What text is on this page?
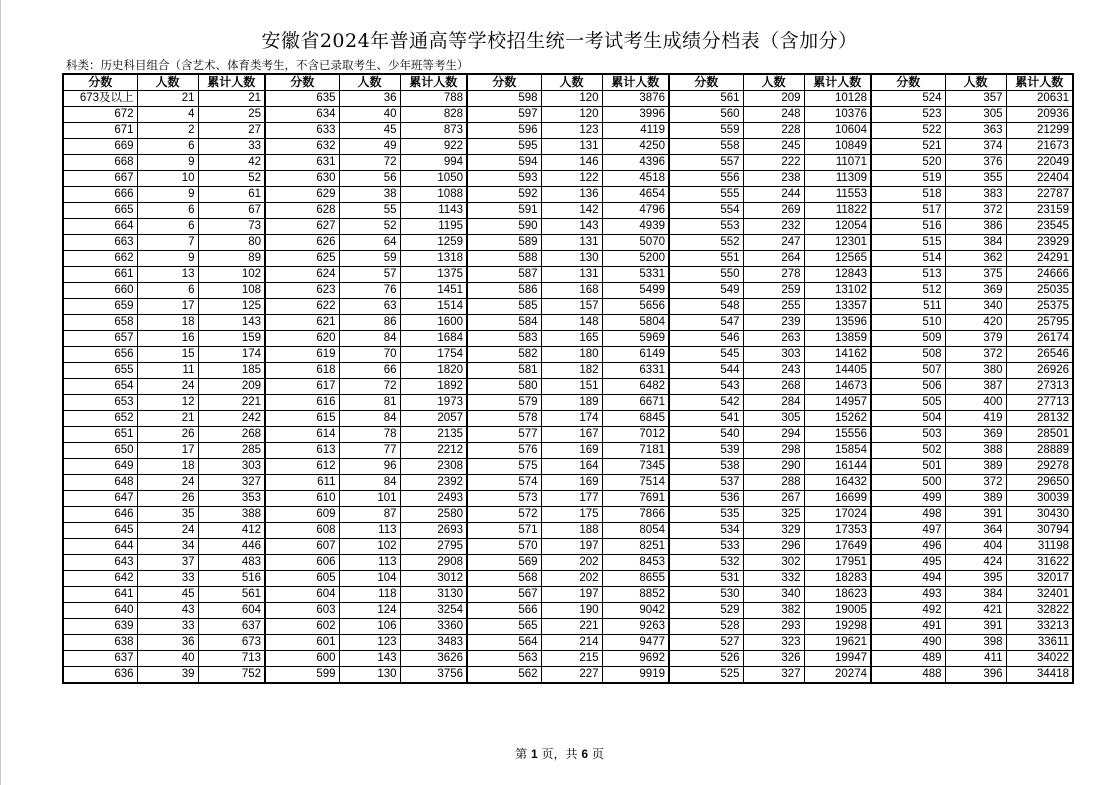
安徽省2024年普通高等学校招生统一考试考生成绩分档表（含加分）
科类：历史科目组合（含艺术、体育类考生，不含已录取考生、少年班等考生）
分数	人数	累计人数	分数	人数	累计人数	分数	人数	累计人数	分数	人数	累计人数	分数	人数	累计人数
673及以上	21	21	635	36	788	598	120	3876	561	209	10128	524	357	20631
672	4	25	634	40	828	597	120	3996	560	248	10376	523	305	20936
671	2	27	633	45	873	596	123	4119	559	228	10604	522	363	21299
669	6	33	632	49	922	595	131	4250	558	245	10849	521	374	21673
668	9	42	631	72	994	594	146	4396	557	222	11071	520	376	22049
667	10	52	630	56	1050	593	122	4518	556	238	11309	519	355	22404
666	9	61	629	38	1088	592	136	4654	555	244	11553	518	383	22787
665	6	67	628	55	1143	591	142	4796	554	269	11822	517	372	23159
664	6	73	627	52	1195	590	143	4939	553	232	12054	516	386	23545
663	7	80	626	64	1259	589	131	5070	552	247	12301	515	384	23929
662	9	89	625	59	1318	588	130	5200	551	264	12565	514	362	24291
661	13	102	624	57	1375	587	131	5331	550	278	12843	513	375	24666
660	6	108	623	76	1451	586	168	5499	549	259	13102	512	369	25035
659	17	125	622	63	1514	585	157	5656	548	255	13357	511	340	25375
658	18	143	621	86	1600	584	148	5804	547	239	13596	510	420	25795
657	16	159	620	84	1684	583	165	5969	546	263	13859	509	379	26174
656	15	174	619	70	1754	582	180	6149	545	303	14162	508	372	26546
655	11	185	618	66	1820	581	182	6331	544	243	14405	507	380	26926
654	24	209	617	72	1892	580	151	6482	543	268	14673	506	387	27313
653	12	221	616	81	1973	579	189	6671	542	284	14957	505	400	27713
652	21	242	615	84	2057	578	174	6845	541	305	15262	504	419	28132
651	26	268	614	78	2135	577	167	7012	540	294	15556	503	369	28501
650	17	285	613	77	2212	576	169	7181	539	298	15854	502	388	28889
649	18	303	612	96	2308	575	164	7345	538	290	16144	501	389	29278
648	24	327	611	84	2392	574	169	7514	537	288	16432	500	372	29650
647	26	353	610	101	2493	573	177	7691	536	267	16699	499	389	30039
646	35	388	609	87	2580	572	175	7866	535	325	17024	498	391	30430
645	24	412	608	113	2693	571	188	8054	534	329	17353	497	364	30794
644	34	446	607	102	2795	570	197	8251	533	296	17649	496	404	31198
643	37	483	606	113	2908	569	202	8453	532	302	17951	495	424	31622
642	33	516	605	104	3012	568	202	8655	531	332	18283	494	395	32017
641	45	561	604	118	3130	567	197	8852	530	340	18623	493	384	32401
640	43	604	603	124	3254	566	190	9042	529	382	19005	492	421	32822
639	33	637	602	106	3360	565	221	9263	528	293	19298	491	391	33213
638	36	673	601	123	3483	564	214	9477	527	323	19621	490	398	33611
637	40	713	600	143	3626	563	215	9692	526	326	19947	489	411	34022
636	39	752	599	130	3756	562	227	9919	525	327	20274	488	396	34418
第 1 页，共 6 页
